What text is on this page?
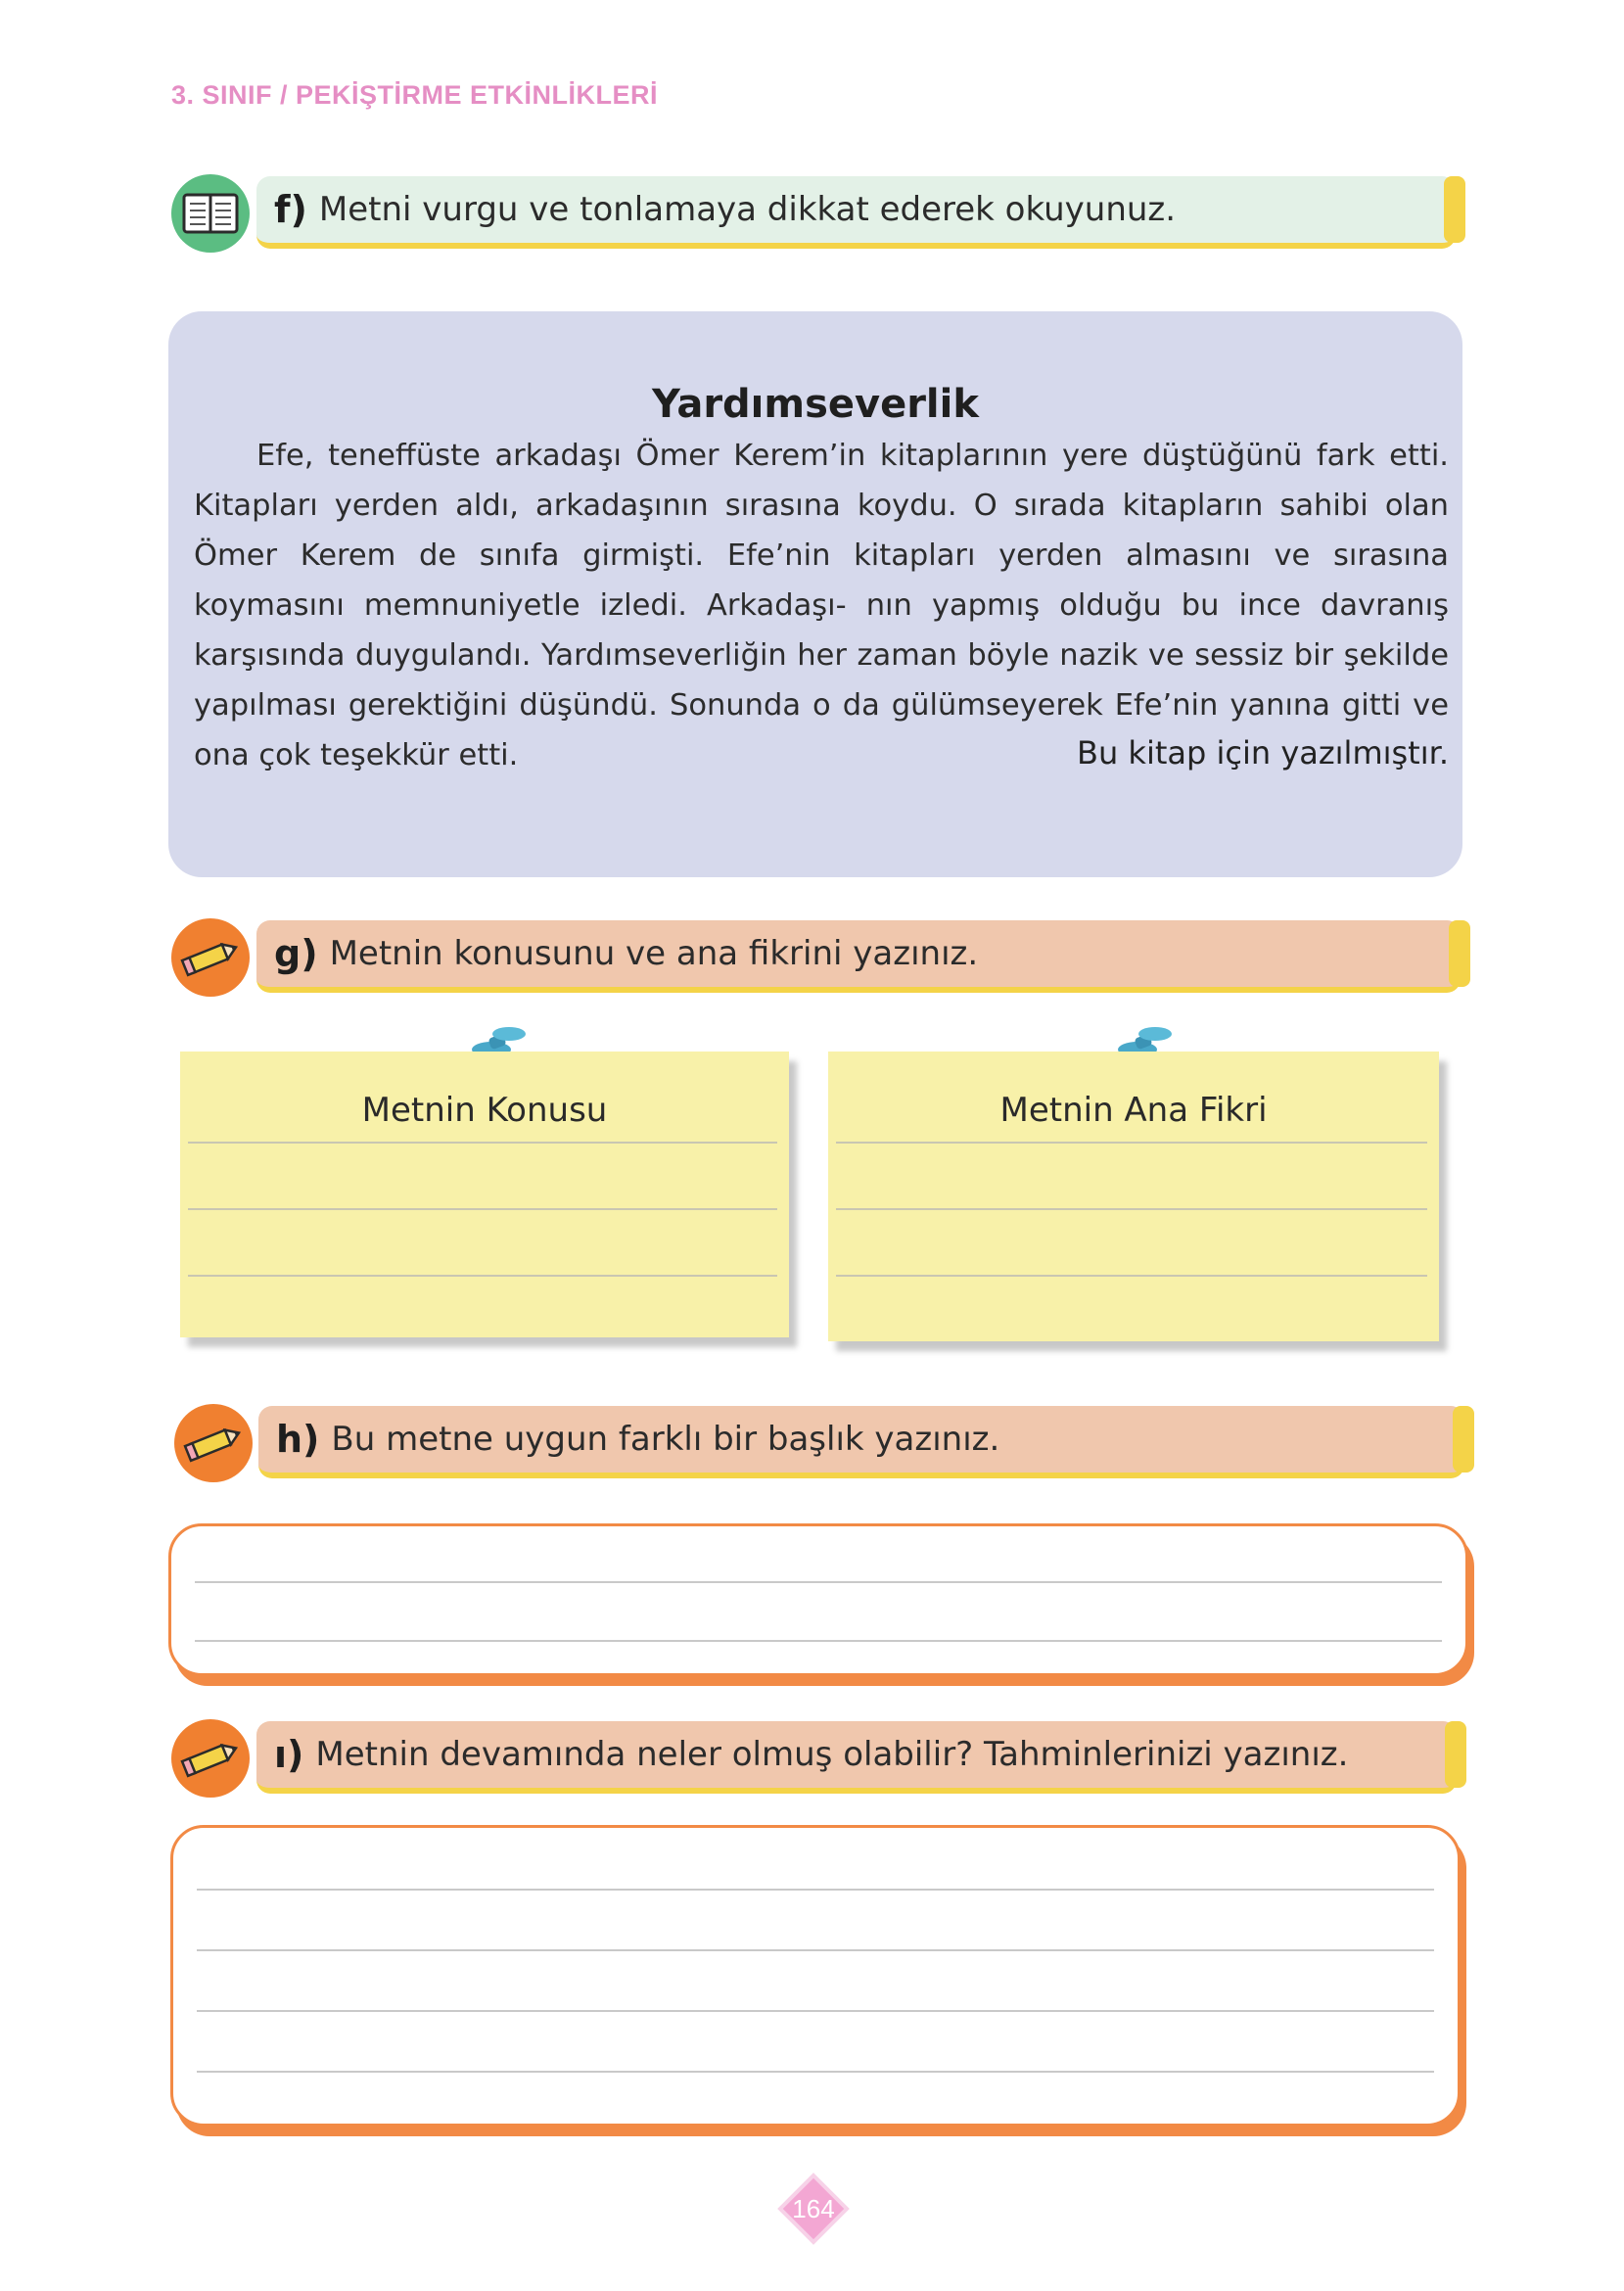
3. SINIF / PEKİŞTİRME ETKİNLİKLERİ
f) Metni vurgu ve tonlamaya dikkat ederek okuyunuz.
Yardımseverlik
Efe, teneffüste arkadaşı Ömer Kerem’in kitaplarının yere düştüğünü fark etti. Kitapları yerden aldı, arkadaşının sırasına koydu. O sırada kitapların sahibi olan Ömer Kerem de sınıfa girmişti. Efe’nin kitapları yerden almasını ve sırasına koymasını memnuniyetle izledi. Arkadaşı- nın yapmış olduğu bu ince davranış karşısında duygulandı. Yardımseverliğin her zaman böyle nazik ve sessiz bir şekilde yapılması gerektiğini düşündü. Sonunda o da gülümseyerek Efe’nin yanına gitti ve ona çok teşekkür etti.	Bu kitap için yazılmıştır.
g) Metnin konusunu ve ana fikrini yazınız.
Metnin Konusu	Metnin Ana Fikri
h) Bu metne uygun farklı bir başlık yazınız.
ı) Metnin devamında neler olmuş olabilir? Tahminlerinizi yazınız.
164
